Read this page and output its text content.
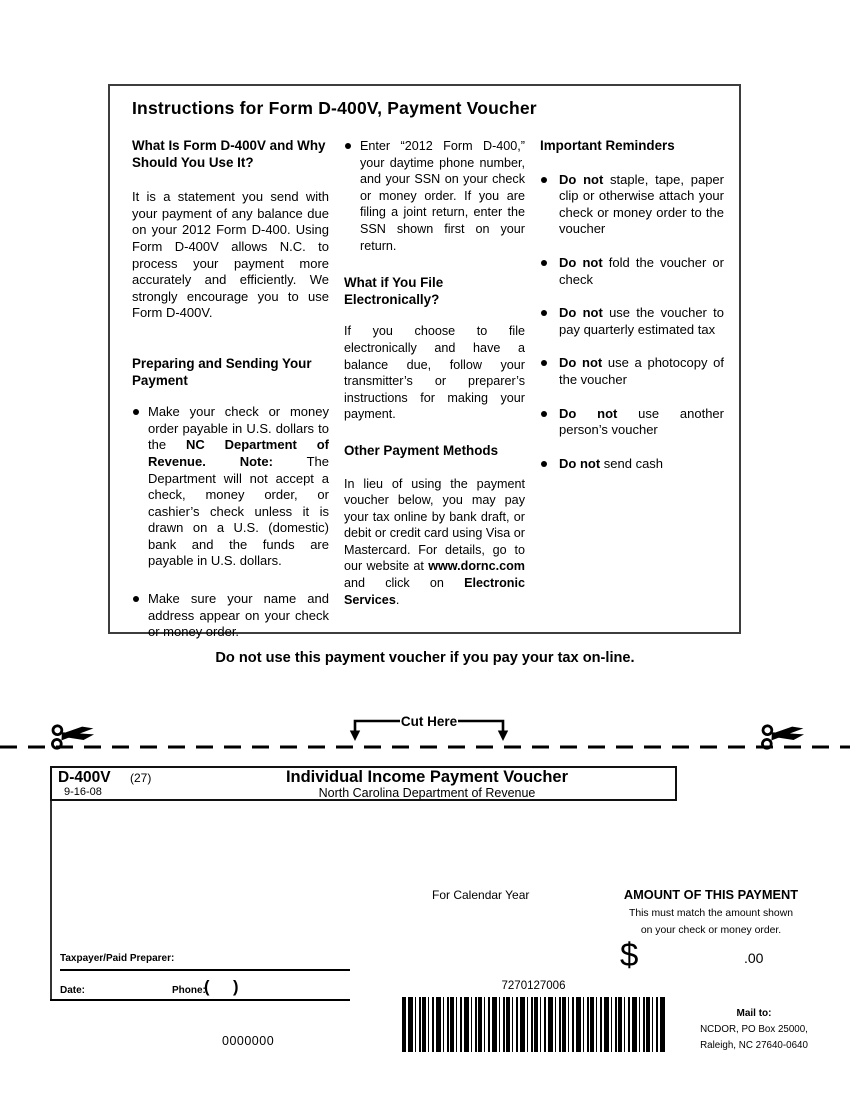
Instructions for Form D-400V, Payment Voucher

What Is Form D-400V and Why Should You Use It?

It is a statement you send with your payment of any balance due on your 2012 Form D-400. Using Form D-400V allows N.C. to process your payment more accurately and efficiently. We strongly encourage you to use Form D-400V.

Preparing and Sending Your Payment

Make your check or money order payable in U.S. dollars to the NC Department of Revenue.	Note: The Department will not accept a check, money order, or cashier’s check unless it is drawn on a U.S. (domestic) bank and the funds are payable in U.S. dollars.
Make sure your name and address appear on your check or money order.
Enter “2012 Form D-400,” your daytime phone number, and your SSN on your check or money order. If you are filing a joint return, enter the SSN shown first on your return.

What if You File Electronically?

If you choose to file electronically and have a balance due, follow your transmitter’s or preparer’s instructions for making your payment.

Other Payment Methods

In lieu of using the payment voucher below, you may pay your tax online by bank draft, or debit or credit card using Visa or Mastercard. For details, go to our website at www.dornc.com and click on Electronic Services.

Important Reminders

Do not staple, tape, paper clip or otherwise attach your check or money order to the voucher
Do not fold the voucher or check
Do not use the voucher to pay quarterly estimated tax
Do not use a photocopy of the voucher
Do not use another person’s voucher
Do not send cash
Do not use this payment voucher if you pay your tax on-line.
Cut Here
D-400V (27)
9-16-08
Individual Income Payment Voucher
North Carolina Department of Revenue
For Calendar Year	AMOUNT OF THIS PAYMENT
This must match the amount shown
on your check or money order.
$	.00
Taxpayer/Paid Preparer:
Date:	Phone:
( )	7270127006
0000000
Mail to:
NCDOR, PO Box 25000,
Raleigh, NC 27640-0640
